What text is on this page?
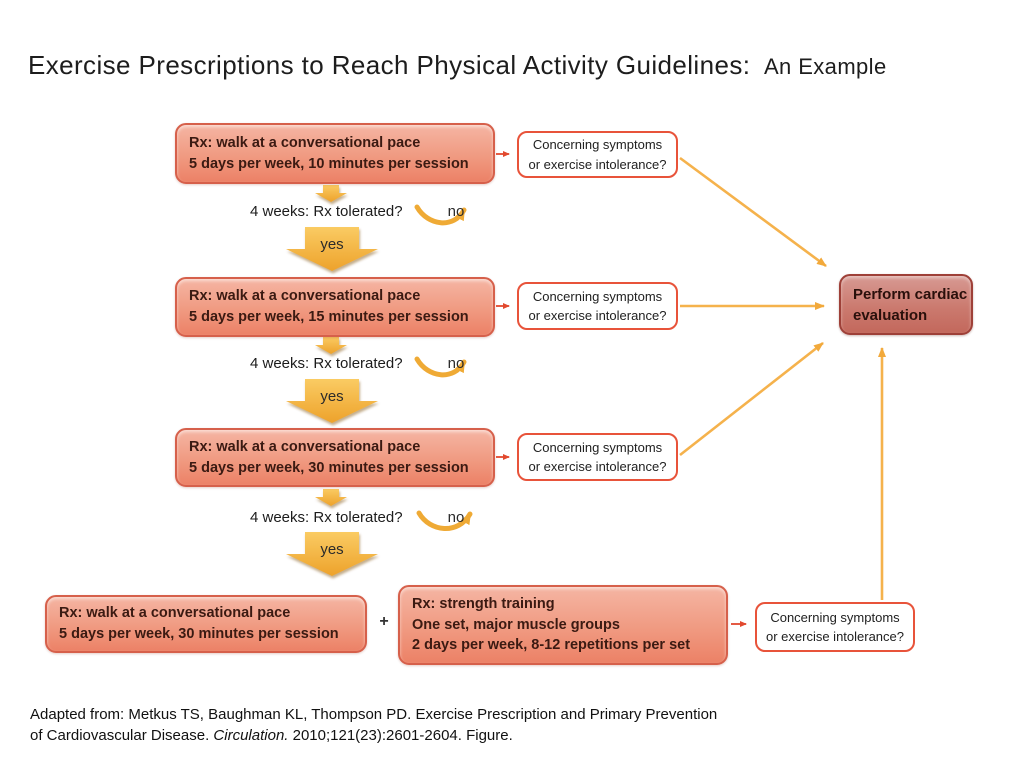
Exercise Prescriptions to Reach Physical Activity Guidelines: An Example
Rx: walk at a conversational pace
5 days per week, 10 minutes per session
Rx: walk at a conversational pace
5 days per week, 15 minutes per session
Rx: walk at a conversational pace
5 days per week, 30 minutes per session
Concerning symptoms
or exercise intolerance?
Concerning symptoms
or exercise intolerance?
Concerning symptoms
or exercise intolerance?
Concerning symptoms
or exercise intolerance?
Perform cardiac
evaluation
4 weeks: Rx tolerated?
4 weeks: Rx tolerated?
4 weeks: Rx tolerated?
yes
yes
yes
no
no
no
Rx: walk at a conversational pace
5 days per week, 30 minutes per session
+
Rx: strength training
One set, major muscle groups
2 days per week, 8-12 repetitions per set
Adapted from: Metkus TS, Baughman KL, Thompson PD. Exercise Prescription and Primary Prevention
of Cardiovascular Disease. Circulation. 2010;121(23):2601-2604. Figure.
